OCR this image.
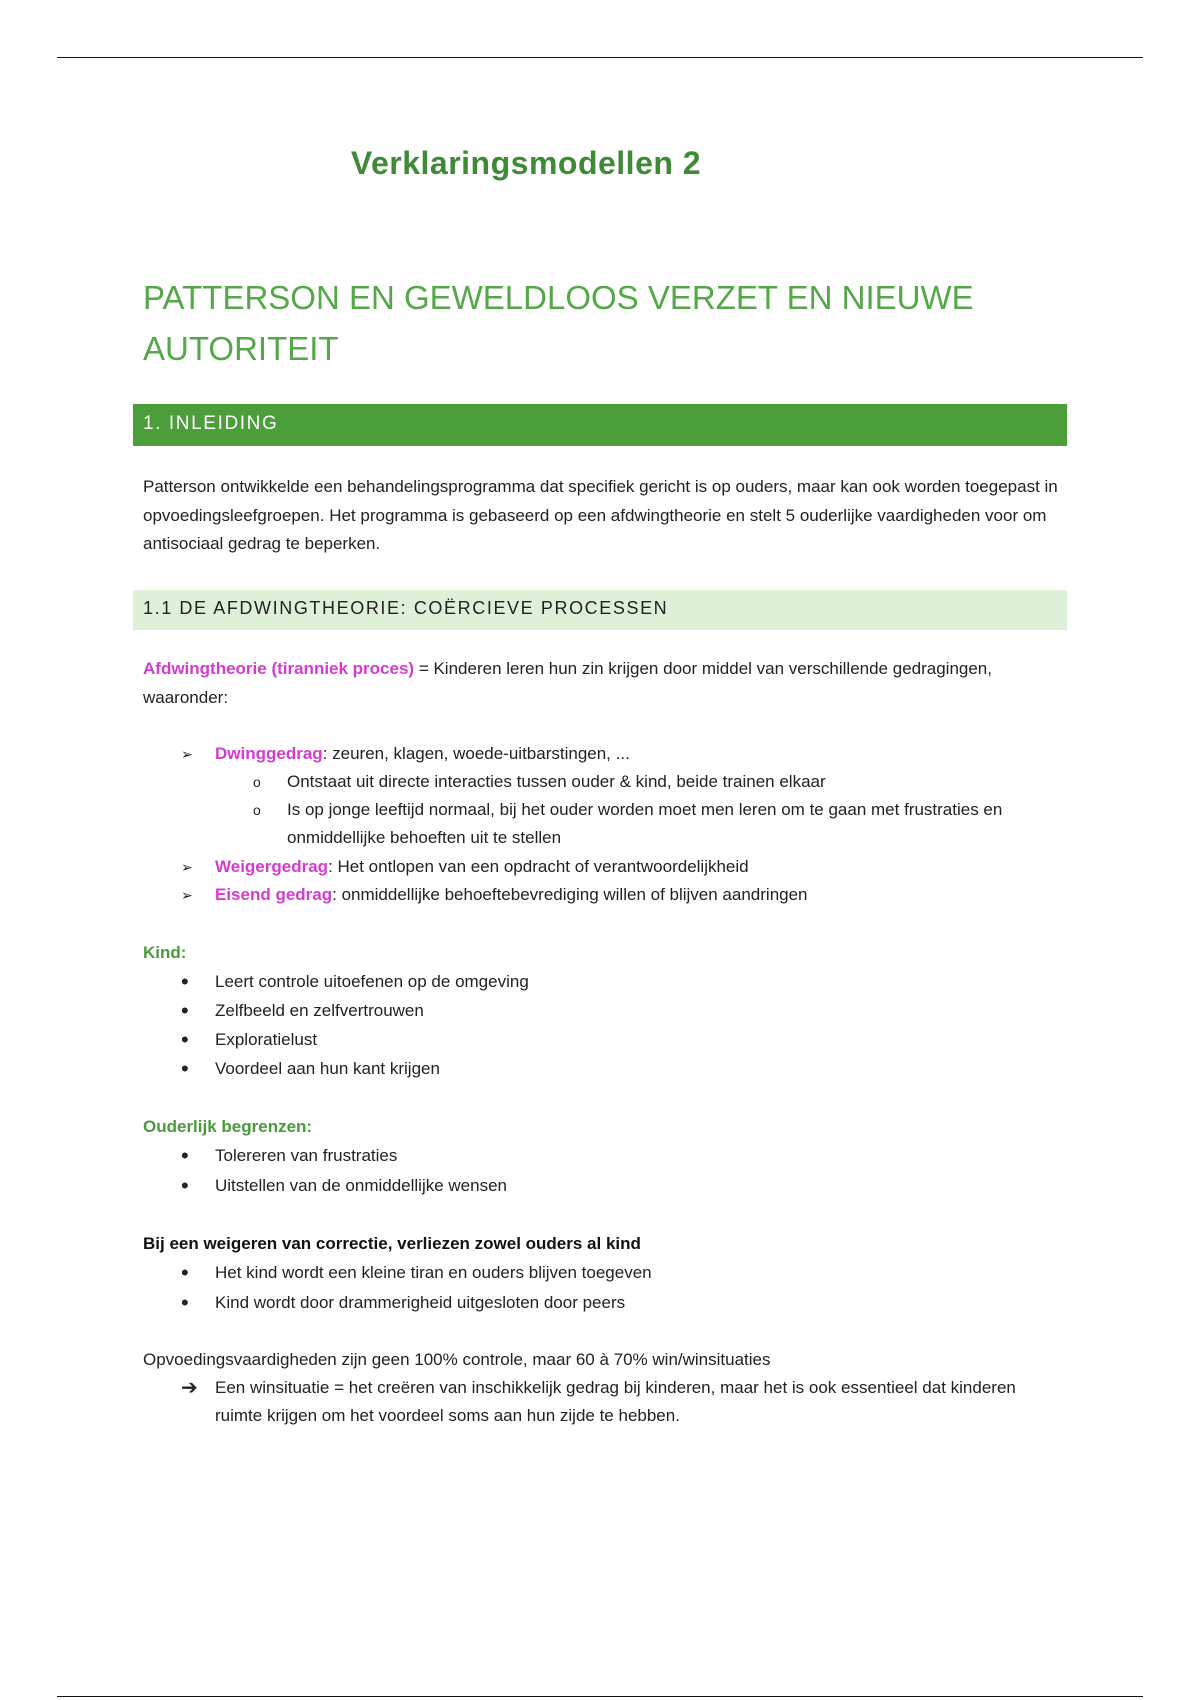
Verklaringsmodellen 2
PATTERSON EN GEWELDLOOS VERZET EN NIEUWE AUTORITEIT
1. INLEIDING

Patterson ontwikkelde een behandelingsprogramma dat specifiek gericht is op ouders, maar kan ook worden toegepast in opvoedingsleefgroepen. Het programma is gebaseerd op een afdwingtheorie en stelt 5 ouderlijke vaardigheden voor om antisociaal gedrag te beperken.

1.1 DE AFDWINGTHEORIE: COËRCIEVE PROCESSEN

Afdwingtheorie (tiranniek proces) = Kinderen leren hun zin krijgen door middel van verschillende gedragingen, waaronder:

➢ Dwinggedrag: zeuren, klagen, woede-uitbarstingen, ...
o Ontstaat uit directe interacties tussen ouder & kind, beide trainen elkaar
o Is op jonge leeftijd normaal, bij het ouder worden moet men leren om te gaan met frustraties en onmiddellijke behoeften uit te stellen
➢ Weigergedrag: Het ontlopen van een opdracht of verantwoordelijkheid
➢ Eisend gedrag: onmiddellijke behoeftebevrediging willen of blijven aandringen
Kind:
• Leert controle uitoefenen op de omgeving
• Zelfbeeld en zelfvertrouwen
• Exploratielust
• Voordeel aan hun kant krijgen
Ouderlijk begrenzen:
• Tolereren van frustraties
• Uitstellen van de onmiddellijke wensen
Bij een weigeren van correctie, verliezen zowel ouders al kind
• Het kind wordt een kleine tiran en ouders blijven toegeven
• Kind wordt door drammerigheid uitgesloten door peers
Opvoedingsvaardigheden zijn geen 100% controle, maar 60 à 70% win/winsituaties
➔ Een winsituatie = het creëren van inschikkelijk gedrag bij kinderen, maar het is ook essentieel dat kinderen ruimte krijgen om het voordeel soms aan hun zijde te hebben.
